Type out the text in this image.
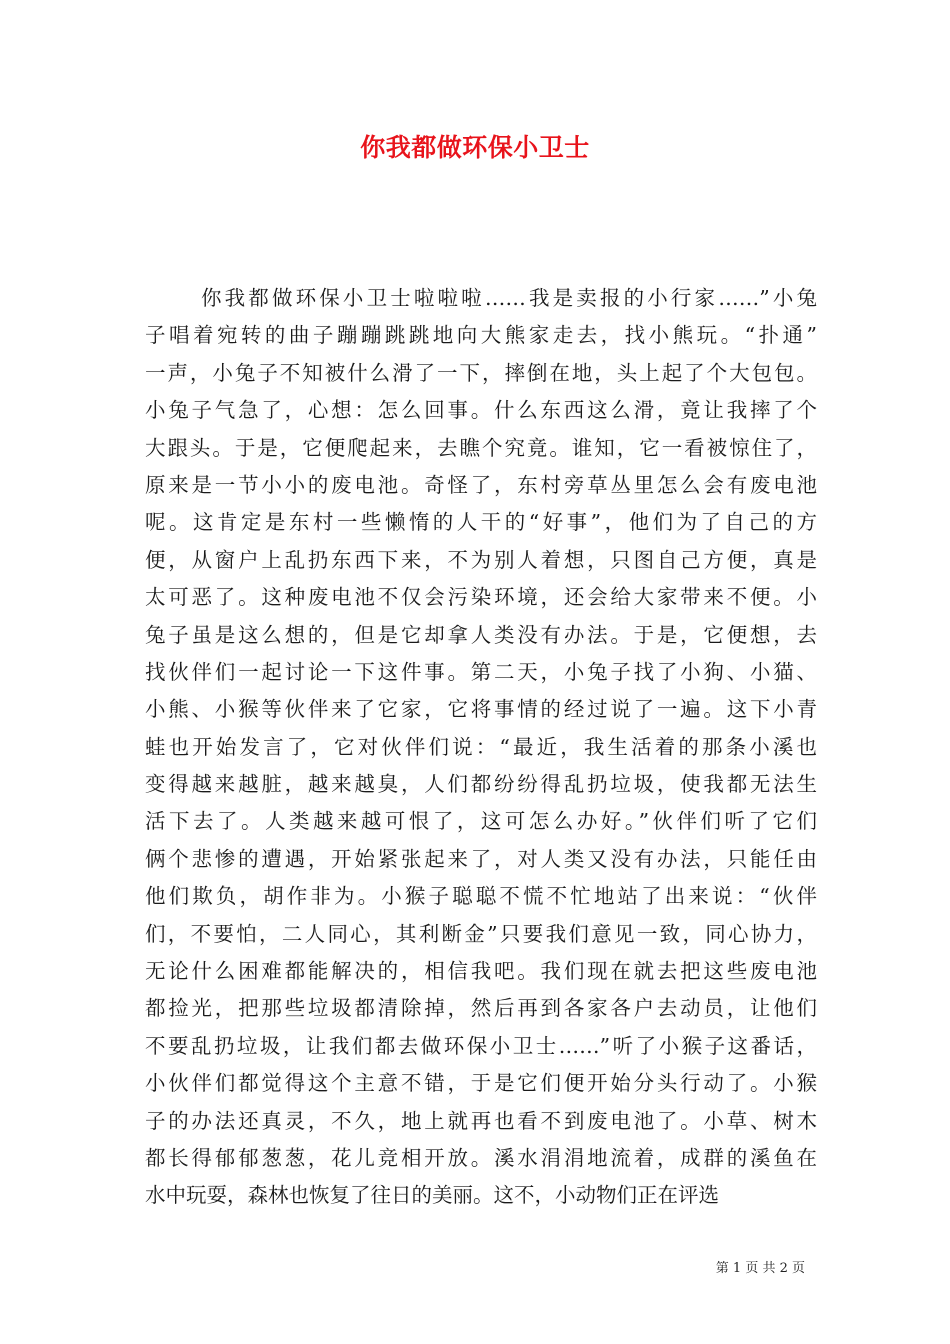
你我都做环保小卫士
你我都做环保小卫士啦啦啦……我是卖报的小行家……”小兔
子唱着宛转的曲子蹦蹦跳跳地向大熊家走去，找小熊玩。“扑通”
一声，小兔子不知被什么滑了一下，摔倒在地，头上起了个大包包。
小兔子气急了，心想：怎么回事。什么东西这么滑，竟让我摔了个
大跟头。于是，它便爬起来，去瞧个究竟。谁知，它一看被惊住了，
原来是一节小小的废电池。奇怪了，东村旁草丛里怎么会有废电池
呢。这肯定是东村一些懒惰的人干的“好事”，他们为了自己的方
便，从窗户上乱扔东西下来，不为别人着想，只图自己方便，真是
太可恶了。这种废电池不仅会污染环境，还会给大家带来不便。小
兔子虽是这么想的，但是它却拿人类没有办法。于是，它便想，去
找伙伴们一起讨论一下这件事。第二天，小兔子找了小狗、小猫、
小熊、小猴等伙伴来了它家，它将事情的经过说了一遍。这下小青
蛙也开始发言了，它对伙伴们说：“最近，我生活着的那条小溪也
变得越来越脏，越来越臭，人们都纷纷得乱扔垃圾，使我都无法生
活下去了。人类越来越可恨了，这可怎么办好。”伙伴们听了它们
俩个悲惨的遭遇，开始紧张起来了，对人类又没有办法，只能任由
他们欺负，胡作非为。小猴子聪聪不慌不忙地站了出来说：“伙伴
们，不要怕，二人同心，其利断金”只要我们意见一致，同心协力，
无论什么困难都能解决的，相信我吧。我们现在就去把这些废电池
都捡光，把那些垃圾都清除掉，然后再到各家各户去动员，让他们
不要乱扔垃圾，让我们都去做环保小卫士……”听了小猴子这番话，
小伙伴们都觉得这个主意不错，于是它们便开始分头行动了。小猴
子的办法还真灵，不久，地上就再也看不到废电池了。小草、树木
都长得郁郁葱葱，花儿竞相开放。溪水涓涓地流着，成群的溪鱼在
水中玩耍，森林也恢复了往日的美丽。这不，小动物们正在评选
第 1 页 共 2 页
